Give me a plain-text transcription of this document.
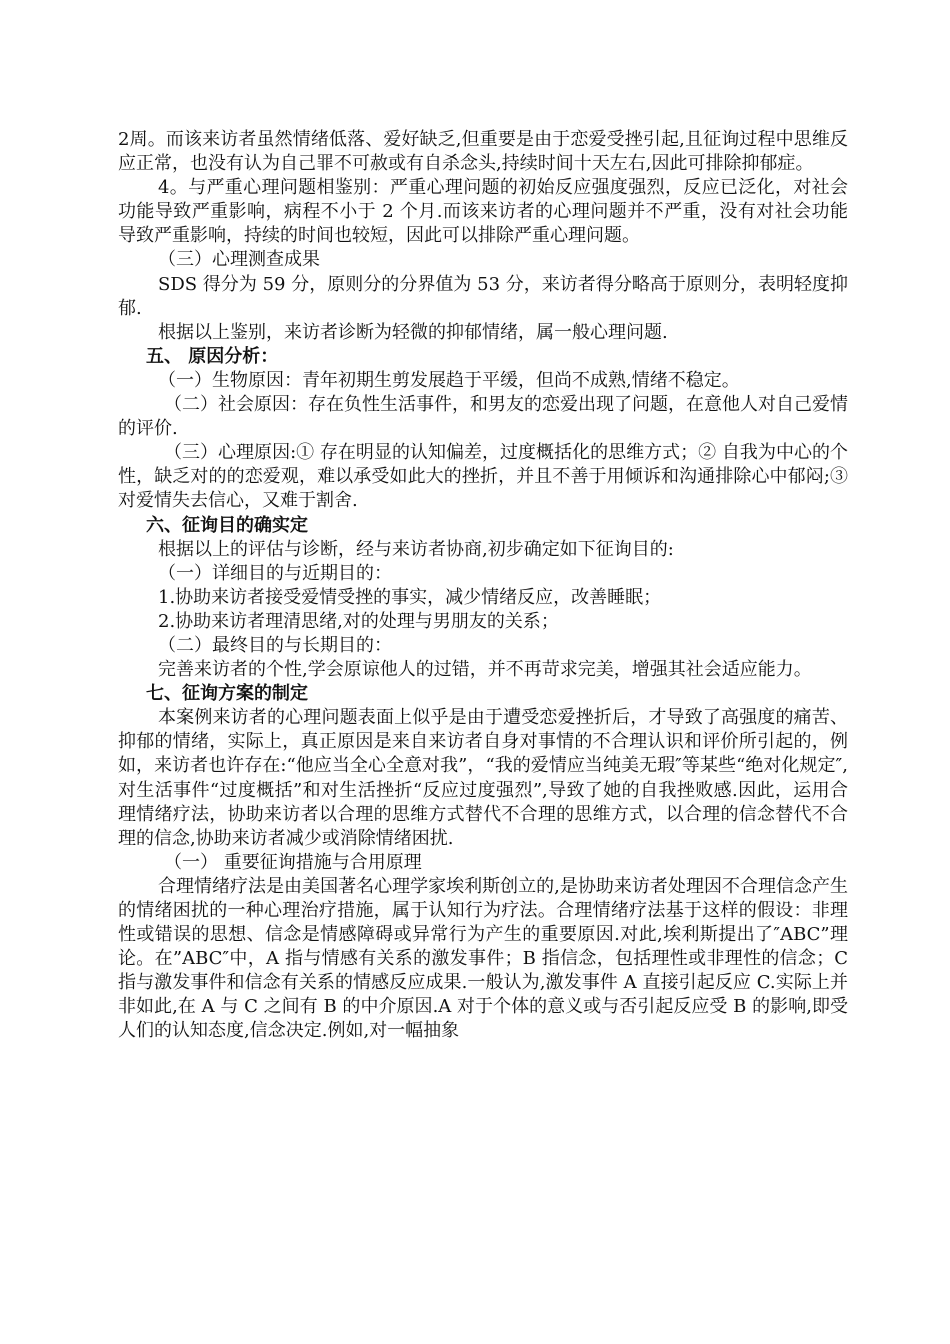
2周。而该来访者虽然情绪低落、爱好缺乏,但重要是由于恋爱受挫引起,且征询过程中思维反应正常，也没有认为自己罪不可赦或有自杀念头,持续时间十天左右,因此可排除抑郁症。

4。与严重心理问题相鉴别：严重心理问题的初始反应强度强烈，反应已泛化，对社会功能导致严重影响，病程不小于 2 个月.而该来访者的心理问题并不严重，没有对社会功能导致严重影响，持续的时间也较短，因此可以排除严重心理问题。

（三）心理测查成果

SDS 得分为 59 分，原则分的分界值为 53 分，来访者得分略高于原则分，表明轻度抑郁.

根据以上鉴别，来访者诊断为轻微的抑郁情绪，属一般心理问题.

五、 原因分析：

（一）生物原因：青年初期生剪发展趋于平缓，但尚不成熟,情绪不稳定。

（二）社会原因：存在负性生活事件，和男友的恋爱出现了问题，在意他人对自己爱情的评价.

（三）心理原因:① 存在明显的认知偏差，过度概括化的思维方式；② 自我为中心的个性，缺乏对的的恋爱观，难以承受如此大的挫折，并且不善于用倾诉和沟通排除心中郁闷;③ 对爱情失去信心，又难于割舍.

六、征询目的确实定

根据以上的评估与诊断，经与来访者协商,初步确定如下征询目的:

（一）详细目的与近期目的：

1.协助来访者接受爱情受挫的事实，减少情绪反应，改善睡眠；

2.协助来访者理清思绪,对的处理与男朋友的关系；

（二）最终目的与长期目的：

完善来访者的个性,学会原谅他人的过错，并不再苛求完美，增强其社会适应能力。

七、征询方案的制定

本案例来访者的心理问题表面上似乎是由于遭受恋爱挫折后，才导致了高强度的痛苦、抑郁的情绪，实际上，真正原因是来自来访者自身对事情的不合理认识和评价所引起的，例如，来访者也许存在:“他应当全心全意对我”，“我的爱情应当纯美无瑕″等某些“绝对化规定″,对生活事件“过度概括”和对生活挫折“反应过度强烈”,导致了她的自我挫败感.因此，运用合理情绪疗法，协助来访者以合理的思维方式替代不合理的思维方式，以合理的信念替代不合理的信念,协助来访者减少或消除情绪困扰.

（一） 重要征询措施与合用原理

合理情绪疗法是由美国著名心理学家埃利斯创立的,是协助来访者处理因不合理信念产生的情绪困扰的一种心理治疗措施，属于认知行为疗法。合理情绪疗法基于这样的假设：非理性或错误的思想、信念是情感障碍或异常行为产生的重要原因.对此,埃利斯提出了″ABC”理论。在”ABC″中，A 指与情感有关系的激发事件；B 指信念，包括理性或非理性的信念；C 指与激发事件和信念有关系的情感反应成果.一般认为,激发事件 A 直接引起反应 C.实际上并非如此,在 A 与 C 之间有 B 的中介原因.A 对于个体的意义或与否引起反应受 B 的影响,即受人们的认知态度,信念决定.例如,对一幅抽象
